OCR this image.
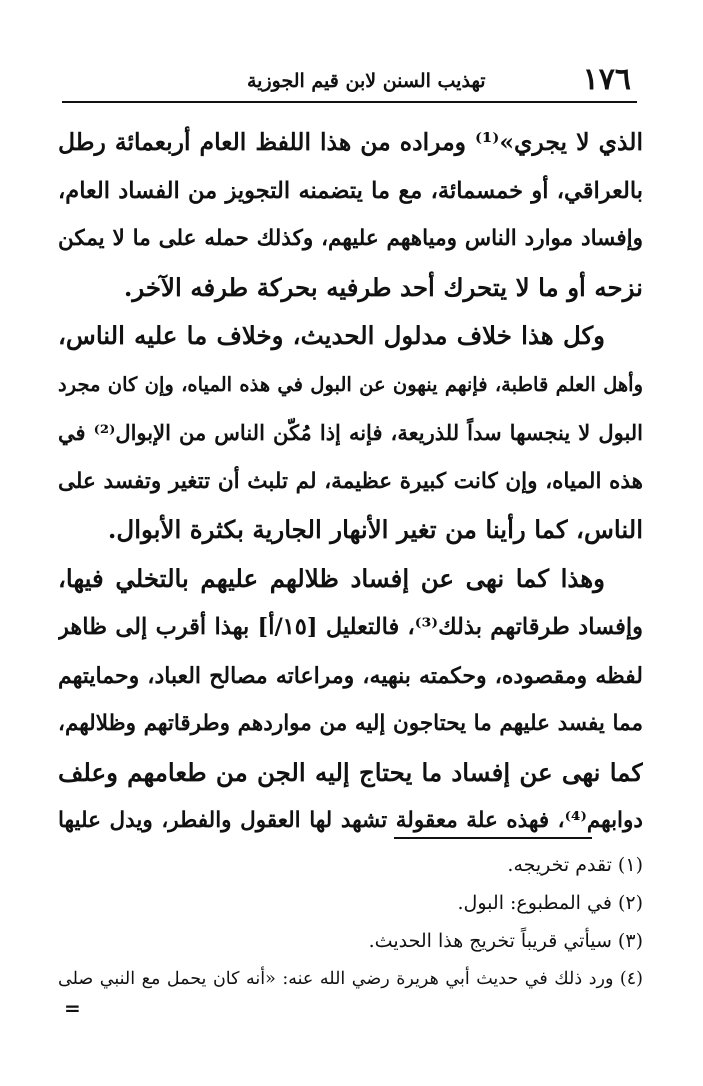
١٧٦
تهذيب السنن لابن قيم الجوزية
الذي لا يجري»⁽¹⁾ ومراده من هذا اللفظ العام أربعمائة رطل
بالعراقي، أو خمسمائة، مع ما يتضمنه التجويز من الفساد العام،
وإفساد موارد الناس ومياههم عليهم، وكذلك حمله على ما لا يمكن
نزحه أو ما لا يتحرك أحد طرفيه بحركة طرفه الآخر.
وكل هذا خلاف مدلول الحديث، وخلاف ما عليه الناس،
وأهل العلم قاطبة، فإنهم ينهون عن البول في هذه المياه، وإن كان مجرد
البول لا ينجسها سداً للذريعة، فإنه إذا مُكّن الناس من الإبوال⁽²⁾ في
هذه المياه، وإن كانت كبيرة عظيمة، لم تلبث أن تتغير وتفسد على
الناس، كما رأينا من تغير الأنهار الجارية بكثرة الأبوال.
وهذا كما نهى عن إفساد ظلالهم عليهم بالتخلي فيها،
وإفساد طرقاتهم بذلك⁽³⁾، فالتعليل [١٥/أ] بهذا أقرب إلى ظاهر
لفظه ومقصوده، وحكمته بنهيه، ومراعاته مصالح العباد، وحمايتهم
مما يفسد عليهم ما يحتاجون إليه من مواردهم وطرقاتهم وظلالهم،
كما نهى عن إفساد ما يحتاج إليه الجن من طعامهم وعلف
دوابهم⁽⁴⁾، فهذه علة معقولة تشهد لها العقول والفطر، ويدل عليها
(١) تقدم تخريجه.
(٢) في المطبوع: البول.
(٣) سيأتي قريباً تخريج هذا الحديث.
(٤) ورد ذلك في حديث أبي هريرة رضي الله عنه: «أنه كان يحمل مع النبي صلى
=
